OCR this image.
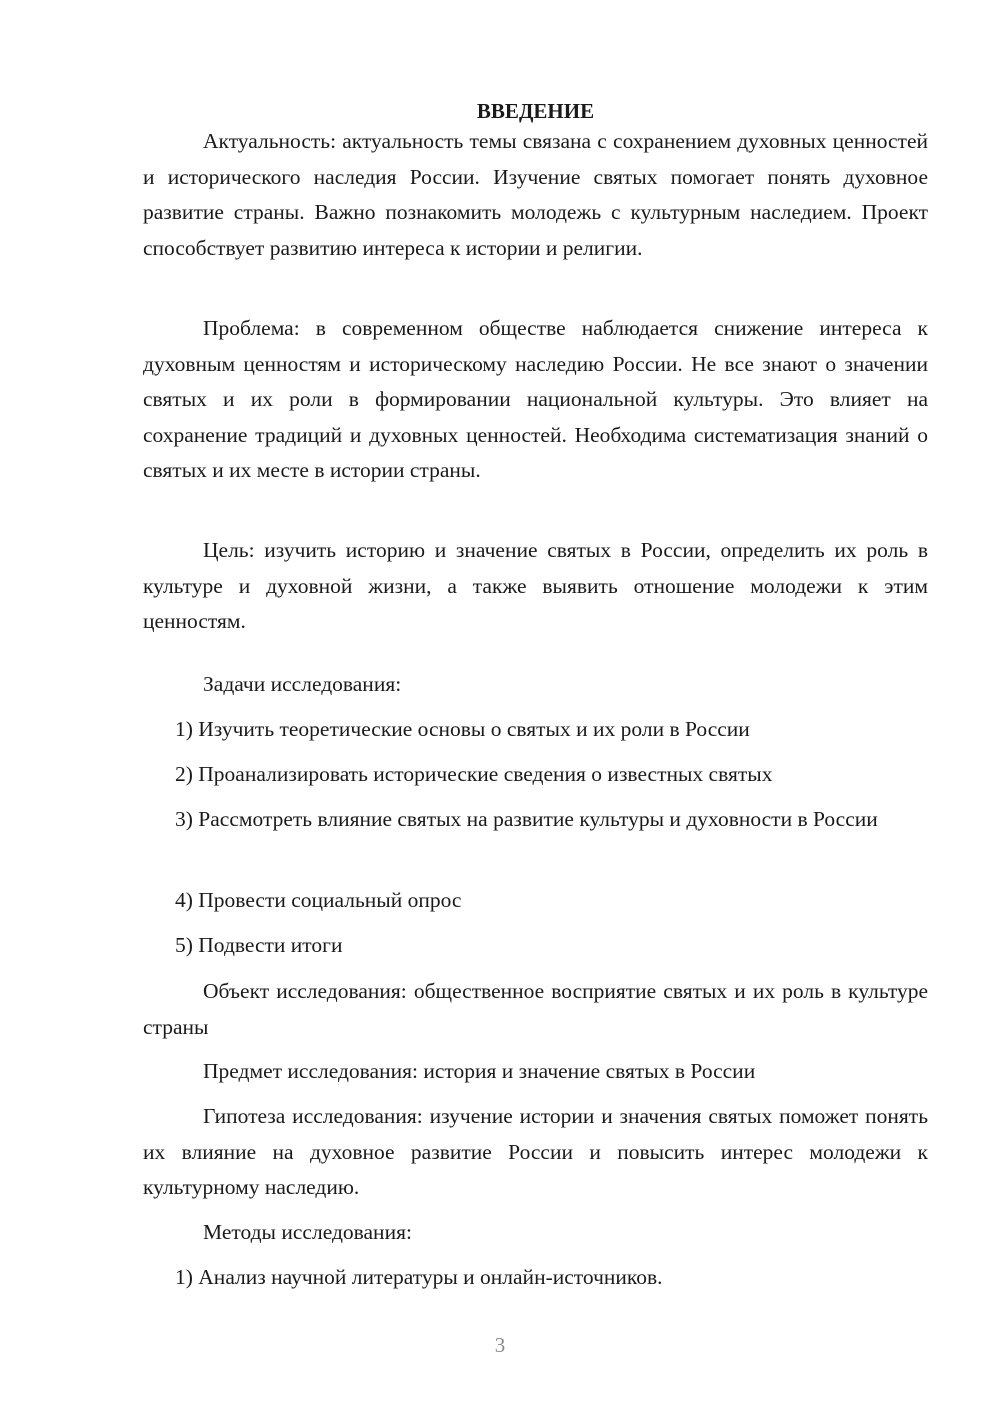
ВВЕДЕНИЕ

Актуальность: актуальность темы связана с сохранением духовных ценностей и исторического наследия России. Изучение святых помогает понять духовное развитие страны. Важно познакомить молодежь с культурным наследием. Проект способствует развитию интереса к истории и религии.

Проблема: в современном обществе наблюдается снижение интереса к духовным ценностям и историческому наследию России. Не все знают о значении святых и их роли в формировании национальной культуры. Это влияет на сохранение традиций и духовных ценностей. Необходима систематизация знаний о святых и их месте в истории страны.

Цель: изучить историю и значение святых в России, определить их роль в культуре и духовной жизни, а также выявить отношение молодежи к этим ценностям.

Задачи исследования:

1) Изучить теоретические основы о святых и их роли в России

2) Проанализировать исторические сведения о известных святых

3) Рассмотреть влияние святых на развитие культуры и духовности в России

4) Провести социальный опрос

5) Подвести итоги

Объект исследования: общественное восприятие святых и их роль в культуре страны

Предмет исследования: история и значение святых в России

Гипотеза исследования: изучение истории и значения святых поможет понять их влияние на духовное развитие России и повысить интерес молодежи к культурному наследию.

Методы исследования:

1) Анализ научной литературы и онлайн-источников.

3
